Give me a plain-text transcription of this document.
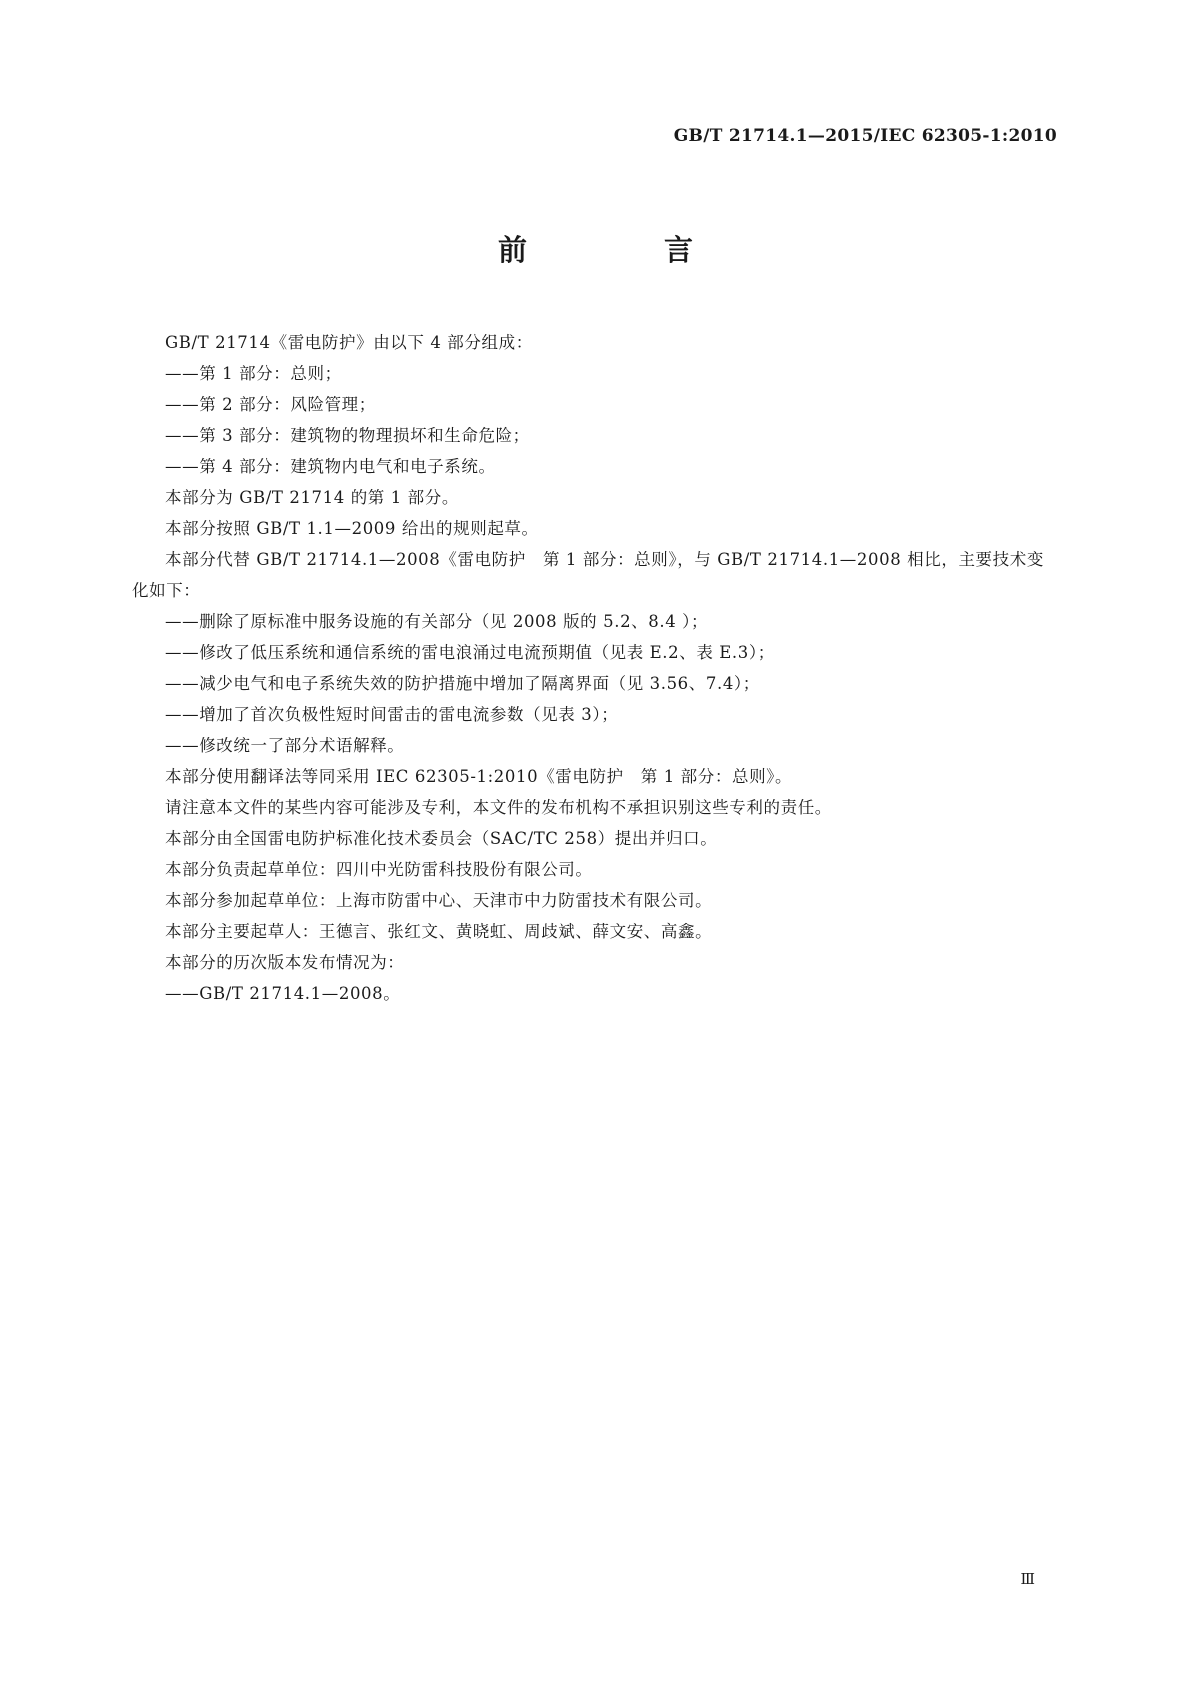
GB/T 21714.1—2015/IEC 62305-1:2010
前　言

GB/T 21714《雷电防护》由以下 4 部分组成：

——第 1 部分：总则；

——第 2 部分：风险管理；

——第 3 部分：建筑物的物理损坏和生命危险；

——第 4 部分：建筑物内电气和电子系统。

本部分为 GB/T 21714 的第 1 部分。

本部分按照 GB/T 1.1—2009 给出的规则起草。

本部分代替 GB/T 21714.1—2008《雷电防护　第 1 部分：总则》，与 GB/T 21714.1—2008 相比，主要技术变化如下：

——删除了原标准中服务设施的有关部分（见 2008 版的 5.2、8.4 ）；

——修改了低压系统和通信系统的雷电浪涌过电流预期值（见表 E.2、表 E.3）；

——减少电气和电子系统失效的防护措施中增加了隔离界面（见 3.56、7.4）；

——增加了首次负极性短时间雷击的雷电流参数（见表 3）；

——修改统一了部分术语解释。

本部分使用翻译法等同采用 IEC 62305-1:2010《雷电防护　第 1 部分：总则》。

请注意本文件的某些内容可能涉及专利，本文件的发布机构不承担识别这些专利的责任。

本部分由全国雷电防护标准化技术委员会（SAC/TC 258）提出并归口。

本部分负责起草单位：四川中光防雷科技股份有限公司。

本部分参加起草单位：上海市防雷中心、天津市中力防雷技术有限公司。

本部分主要起草人：王德言、张红文、黄晓虹、周歧斌、薛文安、高鑫。

本部分的历次版本发布情况为：

——GB/T 21714.1—2008。

Ⅲ
